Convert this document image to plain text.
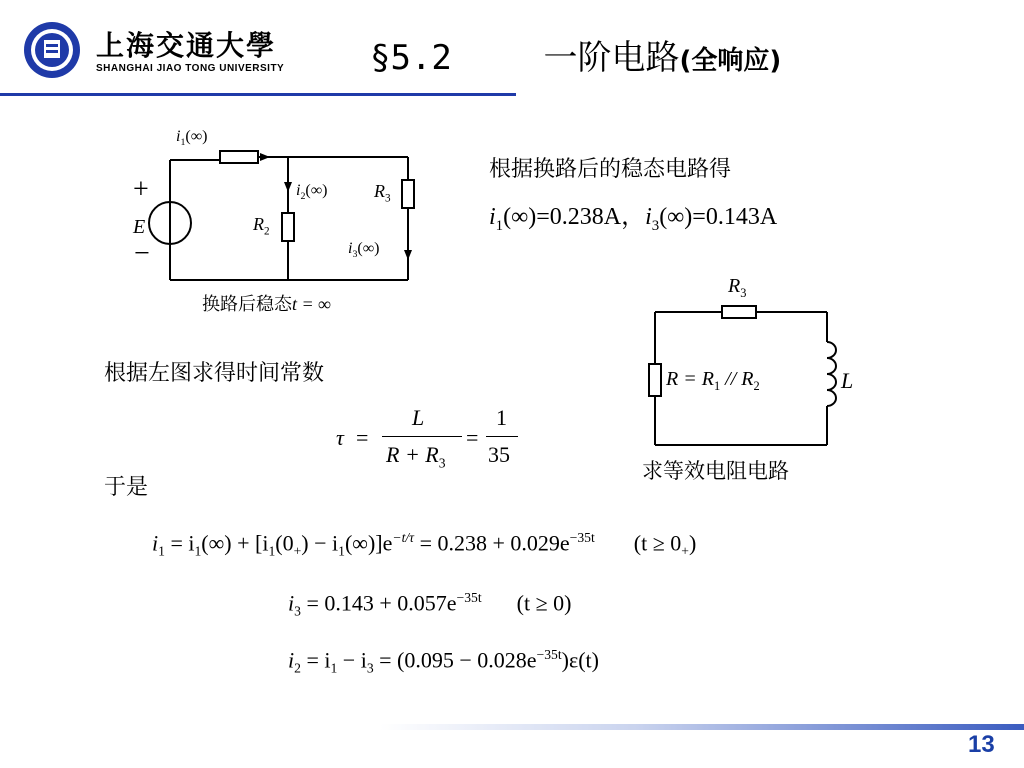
上海交通大學
SHANGHAI JIAO TONG UNIVERSITY	§5.2	一阶电路(全响应)
$i_1(\infty)$
$i_2(\infty)$
$i_3(\infty)$
$R_2$
$R_3$
E
+
−
换路后稳态t = ∞
根据换路后的稳态电路得
$i_1(\infty)=0.238A$，$i_3(\infty)=0.143A$
$R_3$
$R = R_1 // R_2$	L
求等效电阻电路
根据左图求得时间常数
τ =
L
$R + R_3$
=
1
35
于是
$i_1 = i_1(\infty) + [i_1(0_+) - i_1(\infty)]e^{-t/\tau} = 0.238 + 0.029e^{-35t}$ $(t \ge 0_+)$
$i_3 = 0.143 + 0.057e^{-35t}$ (t ≥ 0)
$i_2 = i_1 - i_3 = (0.095 - 0.028e^{-35t})\varepsilon(t)$
13
